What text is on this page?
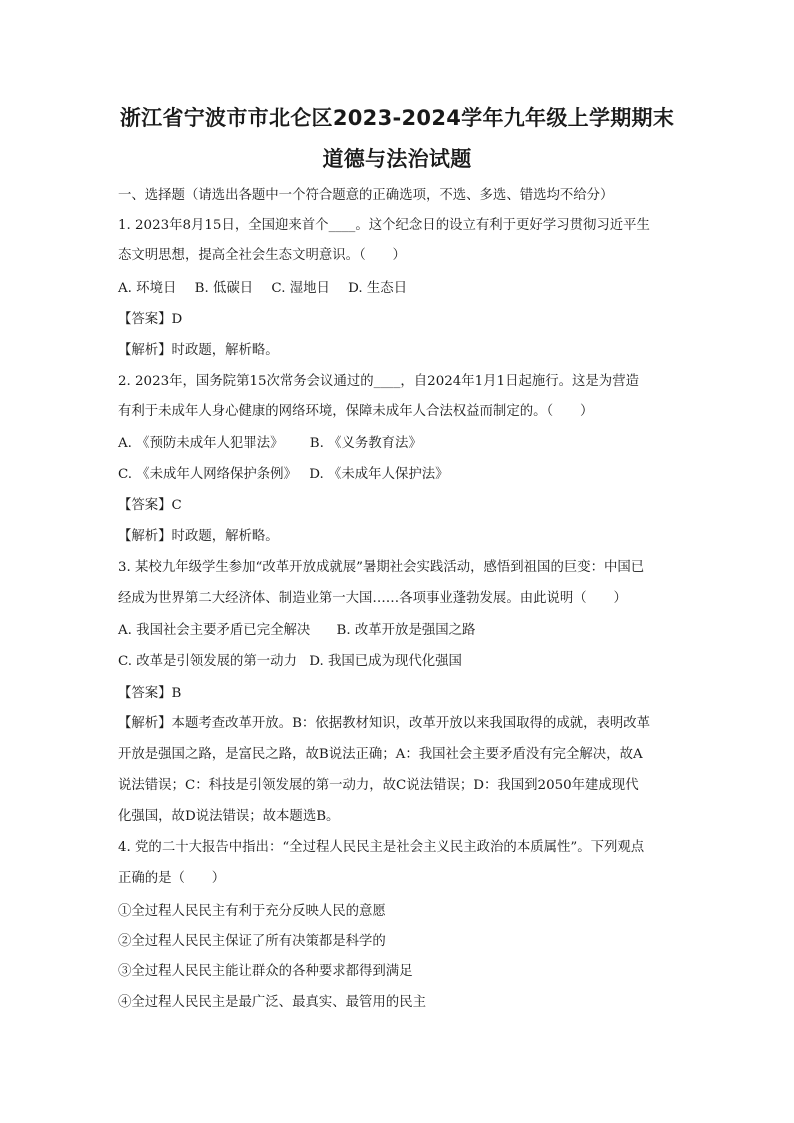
浙江省宁波市市北仑区2023-2024学年九年级上学期期末
道德与法治试题
一、选择题（请选出各题中一个符合题意的正确选项，不选、多选、错选均不给分）
1. 2023年8月15日，全国迎来首个____。这个纪念日的设立有利于更好学习贯彻习近平生
态文明思想，提高全社会生态文明意识。（　　）
A. 环境日 B. 低碳日 C. 湿地日 D. 生态日
【答案】D
【解析】时政题，解析略。
2. 2023年，国务院第15次常务会议通过的____，自2024年1月1日起施行。这是为营造
有利于未成年人身心健康的网络环境，保障未成年人合法权益而制定的。（　　）
A. 《预防未成年人犯罪法》 B. 《义务教育法》
C. 《未成年人网络保护条例》 D. 《未成年人保护法》
【答案】C
【解析】时政题，解析略。
3. 某校九年级学生参加“改革开放成就展”暑期社会实践活动，感悟到祖国的巨变：中国已
经成为世界第二大经济体、制造业第一大国……各项事业蓬勃发展。由此说明（　　）
A. 我国社会主要矛盾已完全解决 B. 改革开放是强国之路
C. 改革是引领发展的第一动力 D. 我国已成为现代化强国
【答案】B
【解析】本题考查改革开放。B：依据教材知识，改革开放以来我国取得的成就，表明改革
开放是强国之路，是富民之路，故B说法正确；A：我国社会主要矛盾没有完全解决，故A
说法错误；C：科技是引领发展的第一动力，故C说法错误；D：我国到2050年建成现代
化强国，故D说法错误；故本题选B。
4. 党的二十大报告中指出：“全过程人民民主是社会主义民主政治的本质属性”。下列观点
正确的是（　　）
①全过程人民民主有利于充分反映人民的意愿
②全过程人民民主保证了所有决策都是科学的
③全过程人民民主能让群众的各种要求都得到满足
④全过程人民民主是最广泛、最真实、最管用的民主
